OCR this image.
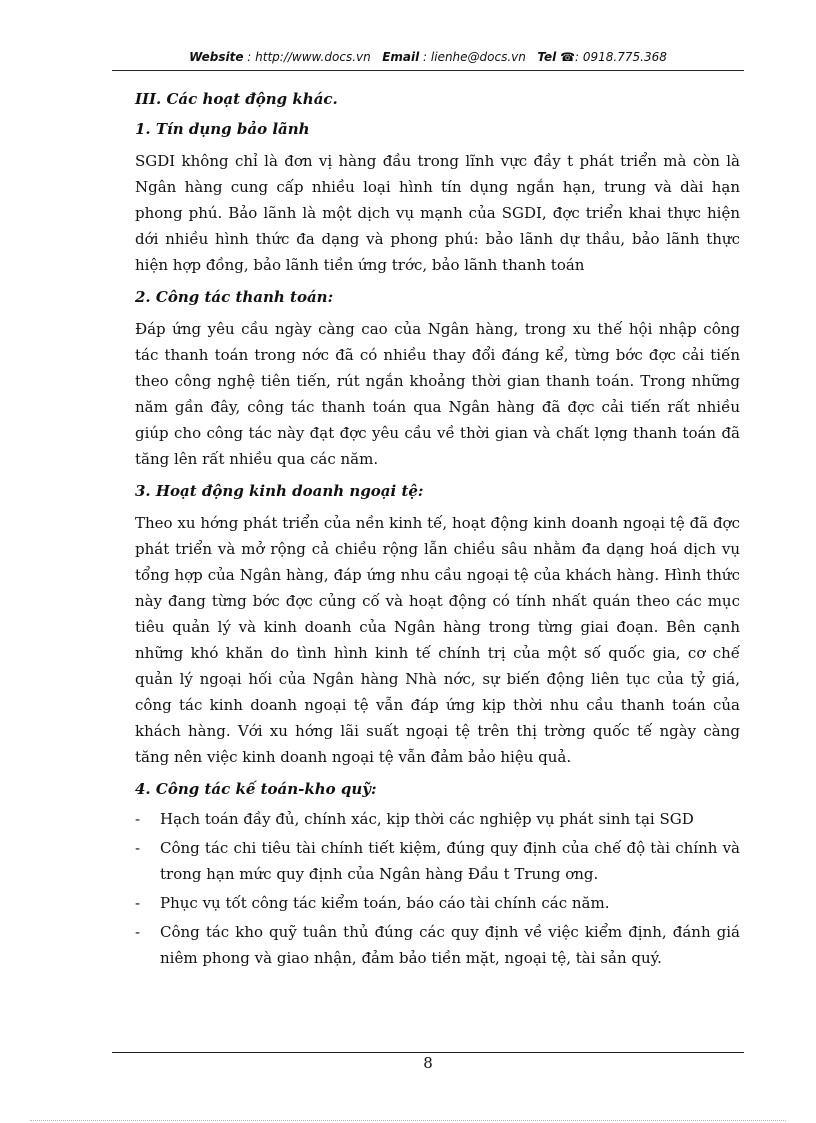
Website : http://www.docs.vn Email : lienhe@docs.vn Tel ☎: 0918.775.368

III. Các hoạt động khác.

1. Tín dụng bảo lãnh

SGDI không chỉ là đơn vị hàng đầu trong lĩnh vực đầy t phát triển mà còn là Ngân hàng cung cấp nhiều loại hình tín dụng ngắn hạn, trung và dài hạn phong phú. Bảo lãnh là một dịch vụ mạnh của SGDI, đợc triển khai thực hiện dới nhiều hình thức đa dạng và phong phú: bảo lãnh dự thầu, bảo lãnh thực hiện hợp đồng, bảo lãnh tiền ứng trớc, bảo lãnh thanh toán

2. Công tác thanh toán:

Đáp ứng yêu cầu ngày càng cao của Ngân hàng, trong xu thế hội nhập công tác thanh toán trong nớc đã có nhiều thay đổi đáng kể, từng bớc đợc cải tiến theo công nghệ tiên tiến, rút ngắn khoảng thời gian thanh toán. Trong những năm gần đây, công tác thanh toán qua Ngân hàng đã đợc cải tiến rất nhiều giúp cho công tác này đạt đợc yêu cầu về thời gian và chất lợng thanh toán đã tăng lên rất nhiều qua các năm.

3. Hoạt động kinh doanh ngoại tệ:

Theo xu hớng phát triển của nền kinh tế, hoạt động kinh doanh ngoại tệ đã đợc phát triển và mở rộng cả chiều rộng lẫn chiều sâu nhằm đa dạng hoá dịch vụ tổng hợp của Ngân hàng, đáp ứng nhu cầu ngoại tệ của khách hàng. Hình thức này đang từng bớc đợc củng cố và hoạt động có tính nhất quán theo các mục tiêu quản lý và kinh doanh của Ngân hàng trong từng giai đoạn. Bên cạnh những khó khăn do tình hình kinh tế chính trị của một số quốc gia, cơ chế quản lý ngoại hối của Ngân hàng Nhà nớc, sự biến động liên tục của tỷ giá, công tác kinh doanh ngoại tệ vẫn đáp ứng kịp thời nhu cầu thanh toán của khách hàng. Với xu hớng lãi suất ngoại tệ trên thị trờng quốc tế ngày càng tăng nên việc kinh doanh ngoại tệ vẫn đảm bảo hiệu quả.

4. Công tác kế toán-kho quỹ:

- Hạch toán đầy đủ, chính xác, kịp thời các nghiệp vụ phát sinh tại SGD
- Công tác chi tiêu tài chính tiết kiệm, đúng quy định của chế độ tài chính và trong hạn mức quy định của Ngân hàng Đầu t Trung ơng.
- Phục vụ tốt công tác kiểm toán, báo cáo tài chính các năm.
- Công tác kho quỹ tuân thủ đúng các quy định về việc kiểm định, đánh giá niêm phong và giao nhận, đảm bảo tiền mặt, ngoại tệ, tài sản quý.
8
